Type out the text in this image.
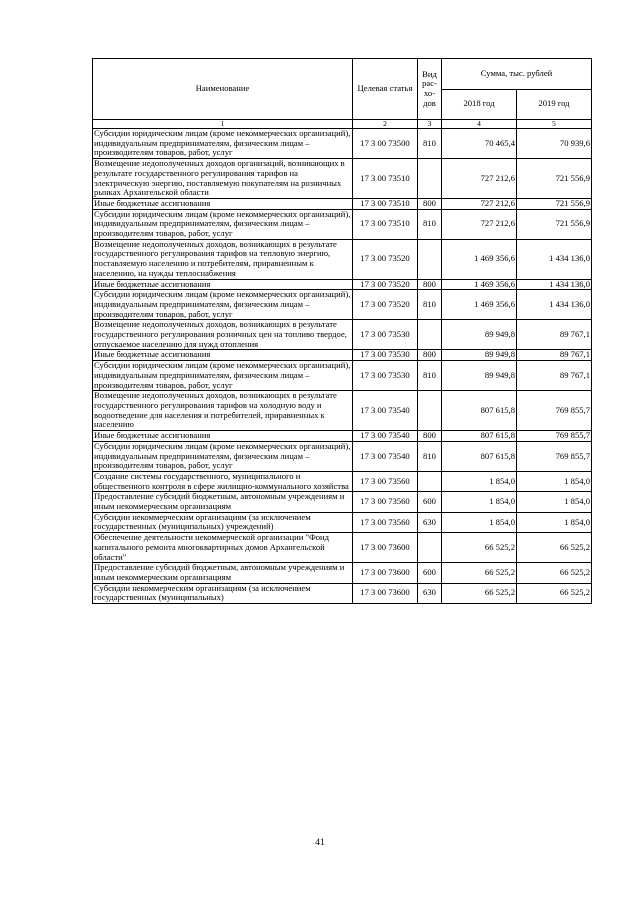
Наименование	Целевая статья	Вид рас-хо-дов	Сумма, тыс. рублей	
			2018 год	2019 год
1	2	3	4	5
Субсидии юридическим лицам (кроме некоммерческих организаций), индивидуальным предпринимателям, физическим лицам – производителям товаров, работ, услуг	17 3 00 73500	810	70 465,4	70 939,6
Возмещение недополученных доходов организаций, возникающих в результате государственного регулирования тарифов на электрическую энергию, поставляемую покупателям на розничных рынках Архангельской области	17 3 00 73510		727 212,6	721 556,9
Иные бюджетные ассигнования	17 3 00 73510	800	727 212,6	721 556,9
Субсидии юридическим лицам (кроме некоммерческих организаций), индивидуальным предпринимателям, физическим лицам – производителям товаров, работ, услуг	17 3 00 73510	810	727 212,6	721 556,9
Возмещение недополученных доходов, возникающих в результате государственного регулирования тарифов на тепловую энергию, поставляемую населению и потребителям, приравненным к населению, на нужды теплоснабжения	17 3 00 73520		1 469 356,6	1 434 136,0
Иные бюджетные ассигнования	17 3 00 73520	800	1 469 356,6	1 434 136,0
Субсидии юридическим лицам (кроме некоммерческих организаций), индивидуальным предпринимателям, физическим лицам – производителям товаров, работ, услуг	17 3 00 73520	810	1 469 356,6	1 434 136,0
Возмещение недополученных доходов, возникающих в результате государственного регулирования розничных цен на топливо твердое, отпускаемое населению для нужд отопления	17 3 00 73530		89 949,8	89 767,1
Иные бюджетные ассигнования	17 3 00 73530	800	89 949,8	89 767,1
Субсидии юридическим лицам (кроме некоммерческих организаций), индивидуальным предпринимателям, физическим лицам – производителям товаров, работ, услуг	17 3 00 73530	810	89 949,8	89 767,1
Возмещение недополученных доходов, возникающих в результате государственного регулирования тарифов на холодную воду и водоотведение для населения и потребителей, приравненных к населению	17 3 00 73540		807 615,8	769 855,7
Иные бюджетные ассигнования	17 3 00 73540	800	807 615,8	769 855,7
Субсидии юридическим лицам (кроме некоммерческих организаций), индивидуальным предпринимателям, физическим лицам – производителям товаров, работ, услуг	17 3 00 73540	810	807 615,8	769 855,7
Создание системы государственного, муниципального и общественного контроля в сфере жилищно-коммунального хозяйства	17 3 00 73560		1 854,0	1 854,0
Предоставление субсидий бюджетным, автономным учреждениям и иным некоммерческим организациям	17 3 00 73560	600	1 854,0	1 854,0
Субсидии некоммерческим организациям (за исключением государственных (муниципальных) учреждений)	17 3 00 73560	630	1 854,0	1 854,0
Обеспечение деятельности некоммерческой организации "Фонд капитального ремонта многоквартирных домов Архангельской области"	17 3 00 73600		66 525,2	66 525,2
Предоставление субсидий бюджетным, автономным учреждениям и иным некоммерческим организациям	17 3 00 73600	600	66 525,2	66 525,2
Субсидии некоммерческим организациям (за исключением государственных (муниципальных)	17 3 00 73600	630	66 525,2	66 525,2
41
